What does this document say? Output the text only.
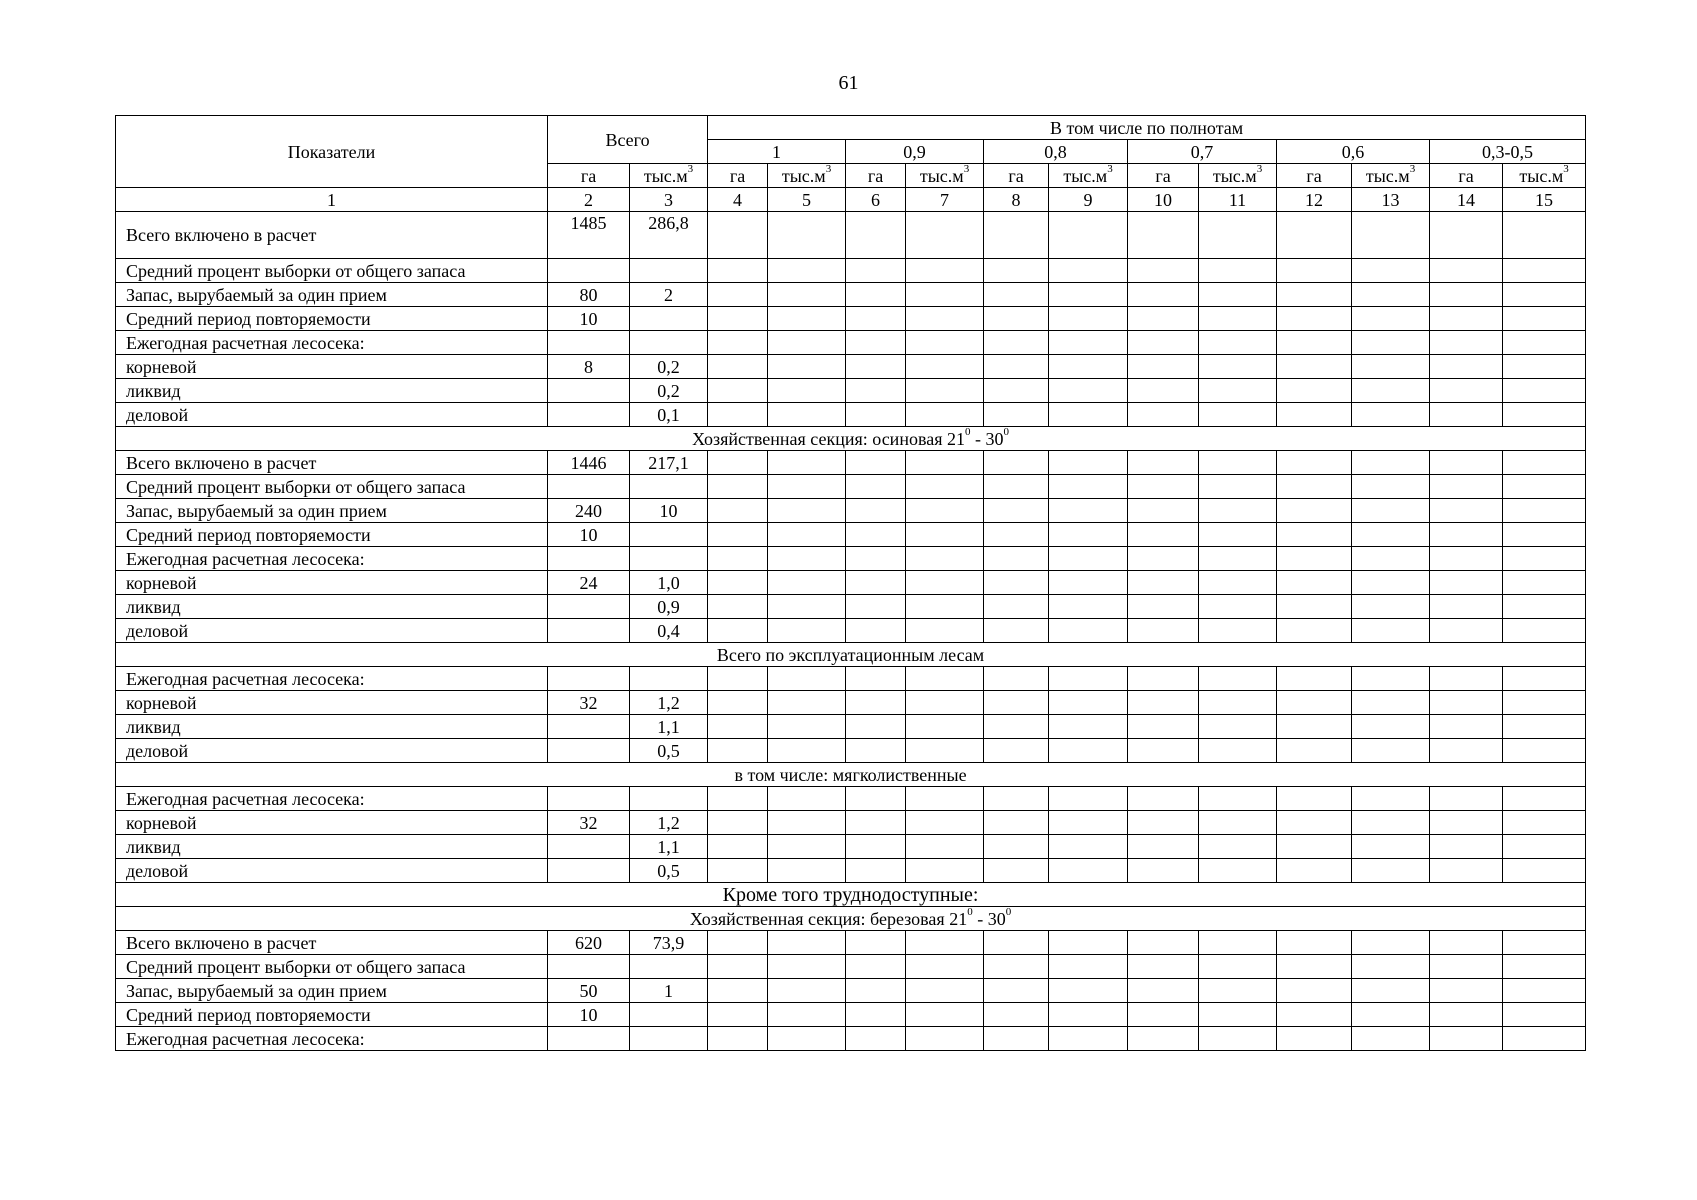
61
Показатели	Всего		В том числе по полнотам											
			1		0,9		0,8		0,7		0,6		0,3-0,5	
	га	$тыс.м^3$	га	$тыс.м^3$	га	$тыс.м^3$	га	$тыс.м^3$	га	$тыс.м^3$	га	$тыс.м^3$	га	$тыс.м^3$
1	2	3	4	5	6	7	8	9	10	11	12	13	14	15
Всего включено в расчет	1485	286,8												
Средний процент выборки от общего запаса														
Запас, вырубаемый за один прием	80	2												
Средний период повторяемости	10													
Ежегодная расчетная лесосека:														
корневой	8	0,2												
ликвид		0,2												
деловой		0,1												
Хозяйственная секция: осиновая $21^0 - 30^0$
Всего включено в расчет	1446	217,1												
Средний процент выборки от общего запаса														
Запас, вырубаемый за один прием	240	10												
Средний период повторяемости	10													
Ежегодная расчетная лесосека:														
корневой	24	1,0												
ликвид		0,9												
деловой		0,4												
Всего по эксплуатационным лесам														
Ежегодная расчетная лесосека:														
корневой	32	1,2												
ликвид		1,1												
деловой		0,5												
в том числе: мягколиственные														
Ежегодная расчетная лесосека:														
корневой	32	1,2												
ликвид		1,1												
деловой		0,5												
Кроме того труднодоступные:														
Хозяйственная секция: березовая $21^0 - 30^0$
Всего включено в расчет	620	73,9												
Средний процент выборки от общего запаса														
Запас, вырубаемый за один прием	50	1												
Средний период повторяемости	10													
Ежегодная расчетная лесосека:														
